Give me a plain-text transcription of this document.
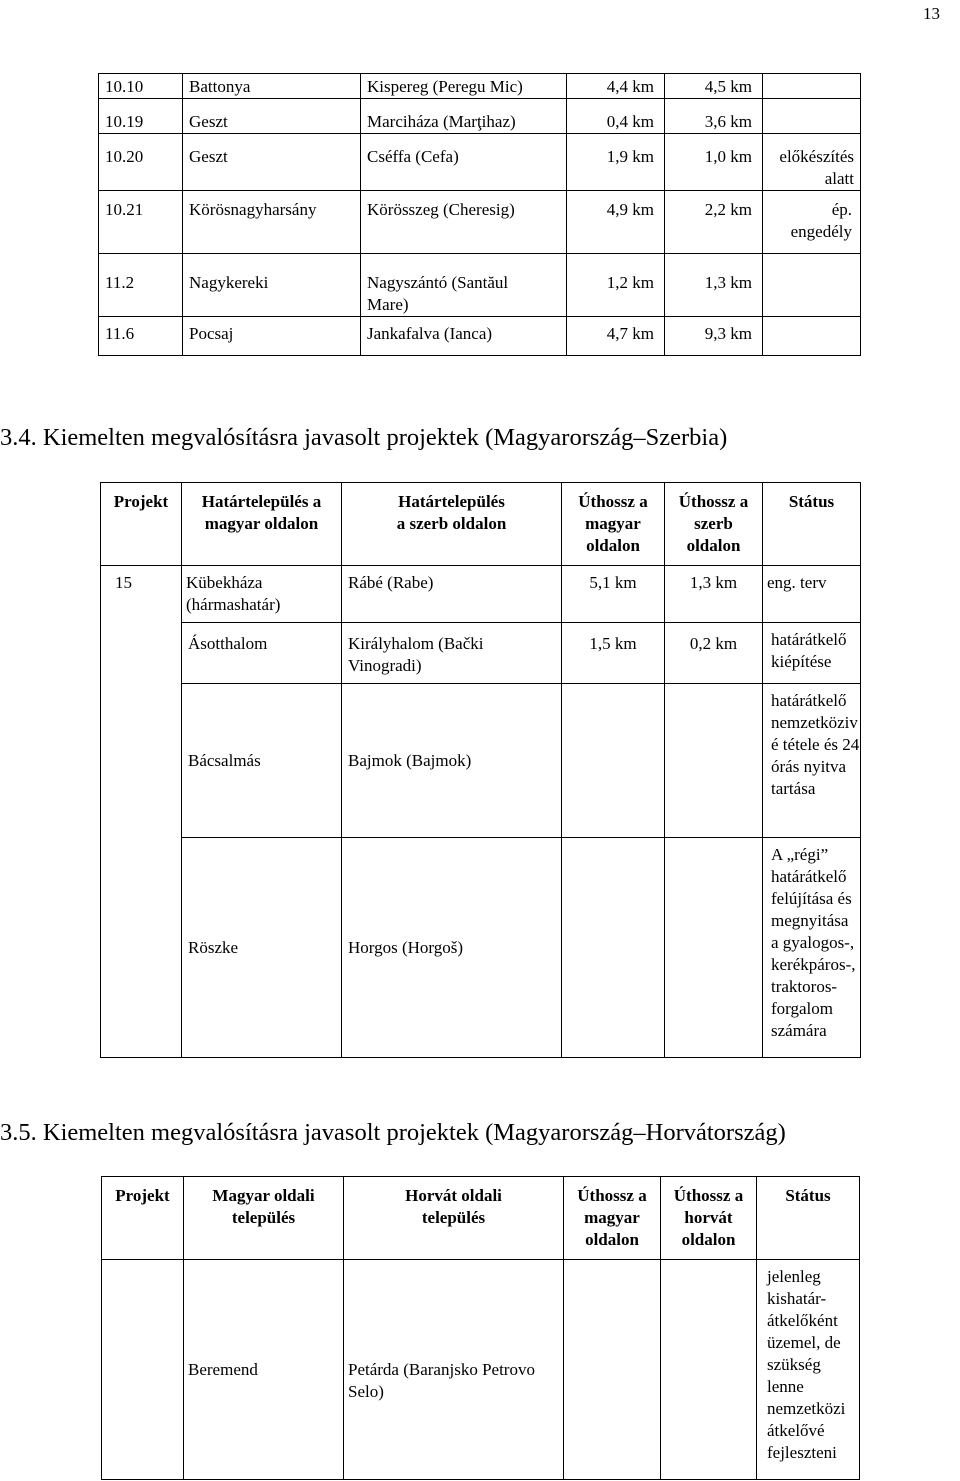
13
10.10	Battonya	Kispereg (Peregu Mic)	4,4 km	4,5 km	
10.19	Geszt	Marciháza (Marţihaz)	0,4 km	3,6 km	
10.20	Geszt	Cséffa (Cefa)	1,9 km	1,0 km	előkészítés alatt
10.21	Körösnagyharsány	Körösszeg (Cheresig)	4,9 km	2,2 km	ép. engedély
11.2	Nagykereki	Nagyszántó (Santăul Mare)	1,2 km	1,3 km	
11.6	Pocsaj	Jankafalva (Ianca)	4,7 km	9,3 km	
3.4. Kiemelten megvalósításra javasolt projektek (Magyarország–Szerbia)
Projekt	Határtelepülés a magyar oldalon	Határtelepülés a szerb oldalon	Úthossz a magyar oldalon	Úthossz a szerb oldalon	Státus
15	Kübekháza (hármashatár)	Rábé (Rabe)	5,1 km	1,3 km	eng. terv
	Ásotthalom	Királyhalom (Bački Vinogradi)	1,5 km	0,2 km	határátkelő kiépítése
	Bácsalmás	Bajmok (Bajmok)			határátkelő nemzetköziv é tétele és 24 órás nyitva tartása
	Röszke	Horgos (Horgoš)			A „régi” határátkelő felújítása és megnyitása a gyalogos-, kerékpáros-, traktoros-forgalom számára
3.5. Kiemelten megvalósításra javasolt projektek (Magyarország–Horvátország)
Projekt	Magyar oldali település	Horvát oldali település	Úthossz a magyar oldalon	Úthossz a horvát oldalon	Státus
	Beremend	Petárda (Baranjsko Petrovo Selo)			jelenleg kishatár-átkelőként üzemel, de szükség lenne nemzetközi átkelővé fejleszteni
